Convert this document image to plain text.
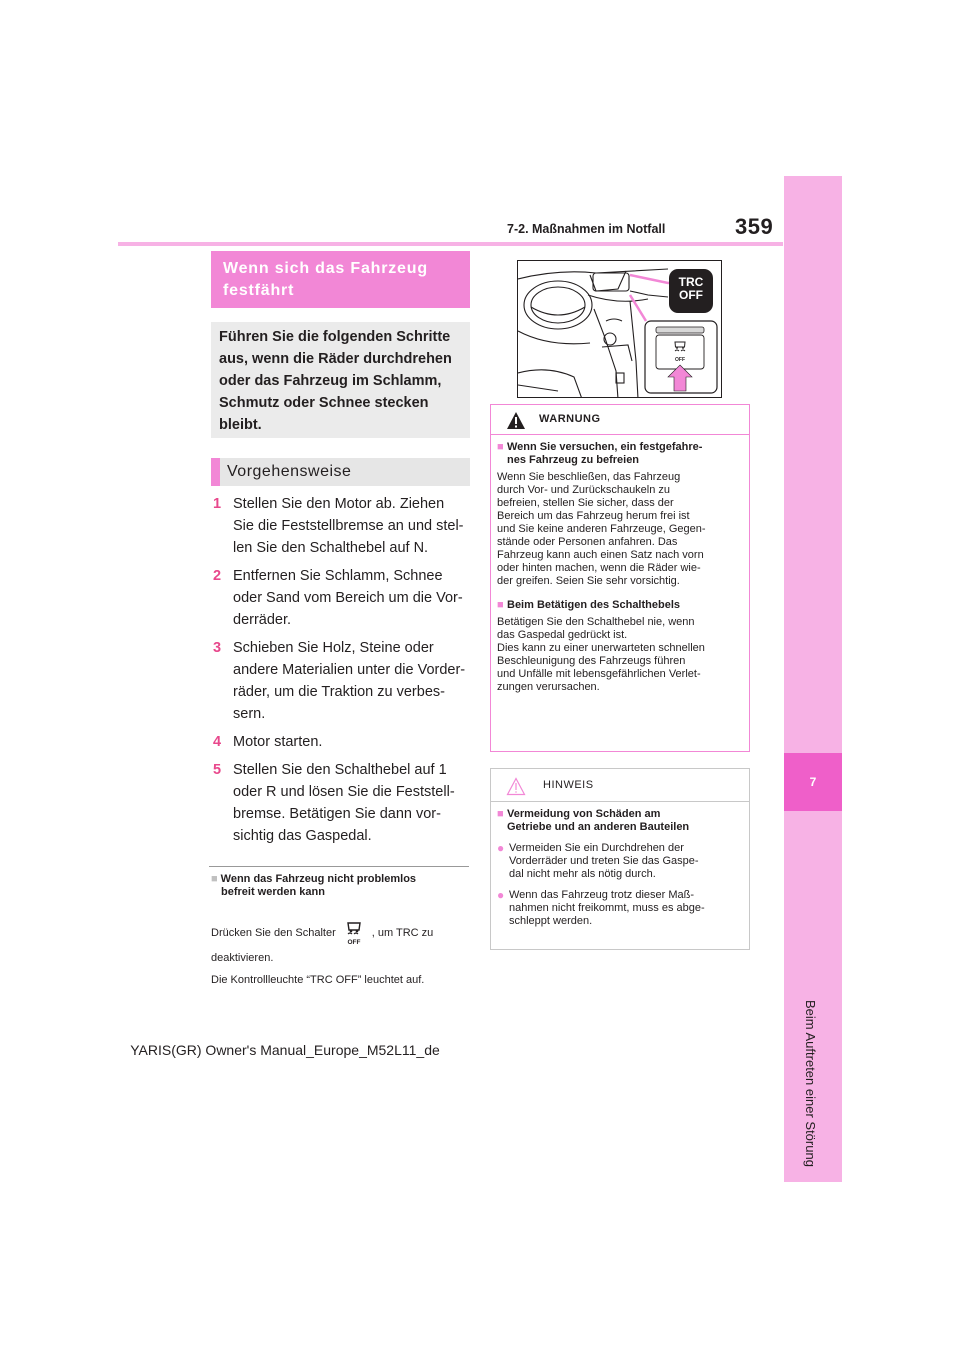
359
7-2. Maßnahmen im Notfall
7
Beim Auftreten einer Störung
Wenn sich das Fahrzeug
festfährt
Führen Sie die folgenden Schritte
aus, wenn die Räder durchdrehen
oder das Fahrzeug im Schlamm,
Schmutz oder Schnee stecken
bleibt.
Vorgehensweise
1 Stellen Sie den Motor ab. Ziehen
Sie die Feststellbremse an und stel-
len Sie den Schalthebel auf N.
2 Entfernen Sie Schlamm, Schnee
oder Sand vom Bereich um die Vor-
derräder.
3 Schieben Sie Holz, Steine oder
andere Materialien unter die Vorder-
räder, um die Traktion zu verbes-
sern.
4 Motor starten.
5 Stellen Sie den Schalthebel auf 1
oder R und lösen Sie die Feststell-
bremse. Betätigen Sie dann vor-
sichtig das Gaspedal.
■ Wenn das Fahrzeug nicht problemlos
befreit werden kann
Drücken Sie den Schalter
OFF
, um TRC zu
deaktivieren.
Die Kontrollleuchte “TRC OFF” leuchtet auf.
TRC
OFF
OFF
WARNUNG
■ Wenn Sie versuchen, ein festgefahre-
nes Fahrzeug zu befreien
Wenn Sie beschließen, das Fahrzeug
durch Vor- und Zurückschaukeln zu
befreien, stellen Sie sicher, dass der
Bereich um das Fahrzeug herum frei ist
und Sie keine anderen Fahrzeuge, Gegen-
stände oder Personen anfahren. Das
Fahrzeug kann auch einen Satz nach vorn
oder hinten machen, wenn die Räder wie-
der greifen. Seien Sie sehr vorsichtig.
■ Beim Betätigen des Schalthebels
Betätigen Sie den Schalthebel nie, wenn
das Gaspedal gedrückt ist.
Dies kann zu einer unerwarteten schnellen
Beschleunigung des Fahrzeugs führen
und Unfälle mit lebensgefährlichen Verlet-
zungen verursachen.
HINWEIS
■ Vermeidung von Schäden am
Getriebe und an anderen Bauteilen
● Vermeiden Sie ein Durchdrehen der
Vorderräder und treten Sie das Gaspe-
dal nicht mehr als nötig durch.
● Wenn das Fahrzeug trotz dieser Maß-
nahmen nicht freikommt, muss es abge-
schleppt werden.
YARIS(GR) Owner's Manual_Europe_M52L11_de
